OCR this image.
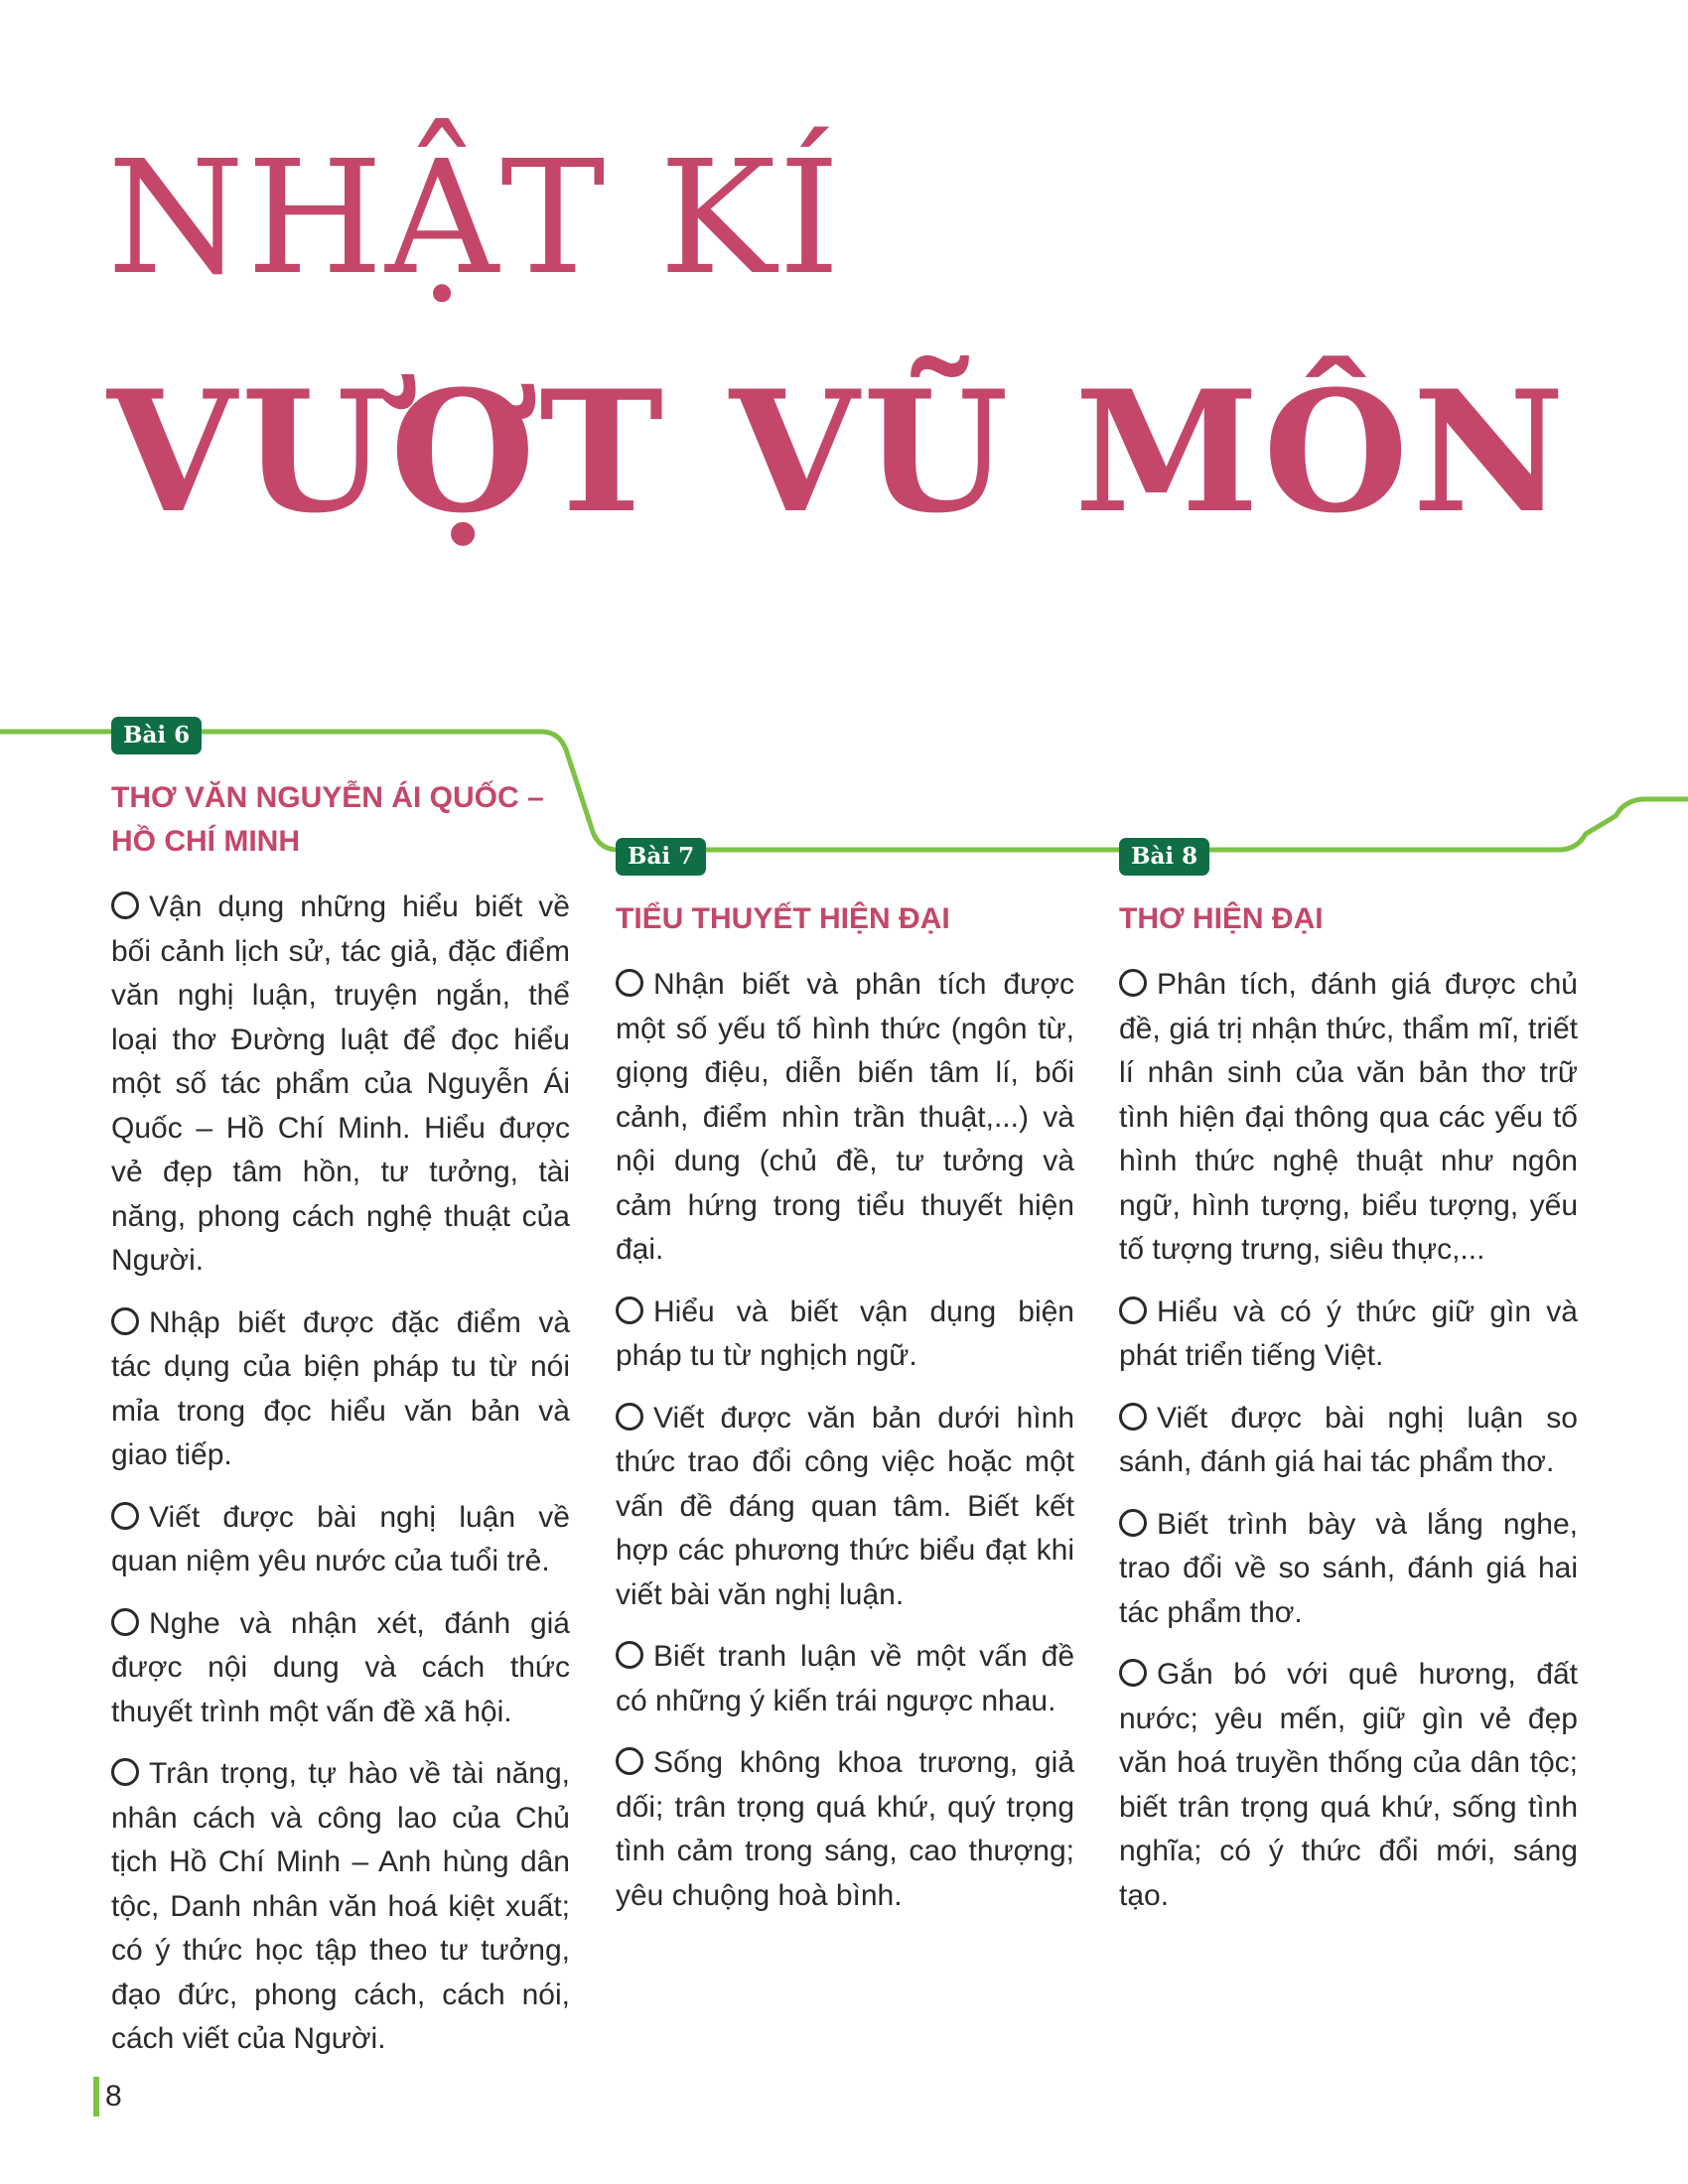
NHẬT KÍ
VƯỢT VŨ MÔN
Bài 6
THƠ VĂN NGUYỄN ÁI QUỐC – HỒ CHÍ MINH
Vận dụng những hiểu biết về bối cảnh lịch sử, tác giả, đặc điểm văn nghị luận, truyện ngắn, thể loại thơ Đường luật để đọc hiểu một số tác phẩm của Nguyễn Ái Quốc – Hồ Chí Minh. Hiểu được vẻ đẹp tâm hồn, tư tưởng, tài năng, phong cách nghệ thuật của Người.
Nhập biết được đặc điểm và tác dụng của biện pháp tu từ nói mỉa trong đọc hiểu văn bản và giao tiếp.
Viết được bài nghị luận về quan niệm yêu nước của tuổi trẻ.
Nghe và nhận xét, đánh giá được nội dung và cách thức thuyết trình một vấn đề xã hội.
Trân trọng, tự hào về tài năng, nhân cách và công lao của Chủ tịch Hồ Chí Minh – Anh hùng dân tộc, Danh nhân văn hoá kiệt xuất; có ý thức học tập theo tư tưởng, đạo đức, phong cách, cách nói, cách viết của Người.
Bài 7
TIỂU THUYẾT HIỆN ĐẠI
Nhận biết và phân tích được một số yếu tố hình thức (ngôn từ, giọng điệu, diễn biến tâm lí, bối cảnh, điểm nhìn trần thuật,...) và nội dung (chủ đề, tư tưởng và cảm hứng trong tiểu thuyết hiện đại.
Hiểu và biết vận dụng biện pháp tu từ nghịch ngữ.
Viết được văn bản dưới hình thức trao đổi công việc hoặc một vấn đề đáng quan tâm. Biết kết hợp các phương thức biểu đạt khi viết bài văn nghị luận.
Biết tranh luận về một vấn đề có những ý kiến trái ngược nhau.
Sống không khoa trương, giả dối; trân trọng quá khứ, quý trọng tình cảm trong sáng, cao thượng; yêu chuộng hoà bình.
Bài 8
THƠ HIỆN ĐẠI
Phân tích, đánh giá được chủ đề, giá trị nhận thức, thẩm mĩ, triết lí nhân sinh của văn bản thơ trữ tình hiện đại thông qua các yếu tố hình thức nghệ thuật như ngôn ngữ, hình tượng, biểu tượng, yếu tố tượng trưng, siêu thực,...
Hiểu và có ý thức giữ gìn và phát triển tiếng Việt.
Viết được bài nghị luận so sánh, đánh giá hai tác phẩm thơ.
Biết trình bày và lắng nghe, trao đổi về so sánh, đánh giá hai tác phẩm thơ.
Gắn bó với quê hương, đất nước; yêu mến, giữ gìn vẻ đẹp văn hoá truyền thống của dân tộc; biết trân trọng quá khứ, sống tình nghĩa; có ý thức đổi mới, sáng tạo.
8
